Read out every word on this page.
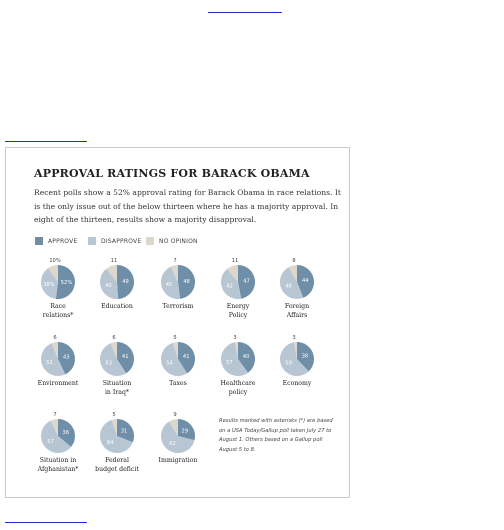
APPROVAL RATINGS FOR BARACK OBAMA
Recent polls show a 52% approval rating for Barack Obama in race relations. It is the only issue out of the below thirteen where he has a majority approval. In eight of the thirteen, results show a majority disapproval.
APPROVE	DISAPPROVE	NO OPINION
Results marked with asterisks (*) are based on a USA Today/Gallup poll taken July 27 to August 1. Others based on a Gallup poll August 5 to 8.
52%
38%
10%
Race relations*
49
40
11
Education
48
45
7
Terrorism
47
42
11
Energy Policy
44
48
8
Foreign Affairs
43
51
6
Environment
41
53
6
Situation in Iraq*
41
54
5
Taxes
40
57
3
Healthcare policy
38
59
3
Economy
36
57
7
Situation in Afghanistan*
31
64
5
Federal budget deficit
29
62
9
Immigration
